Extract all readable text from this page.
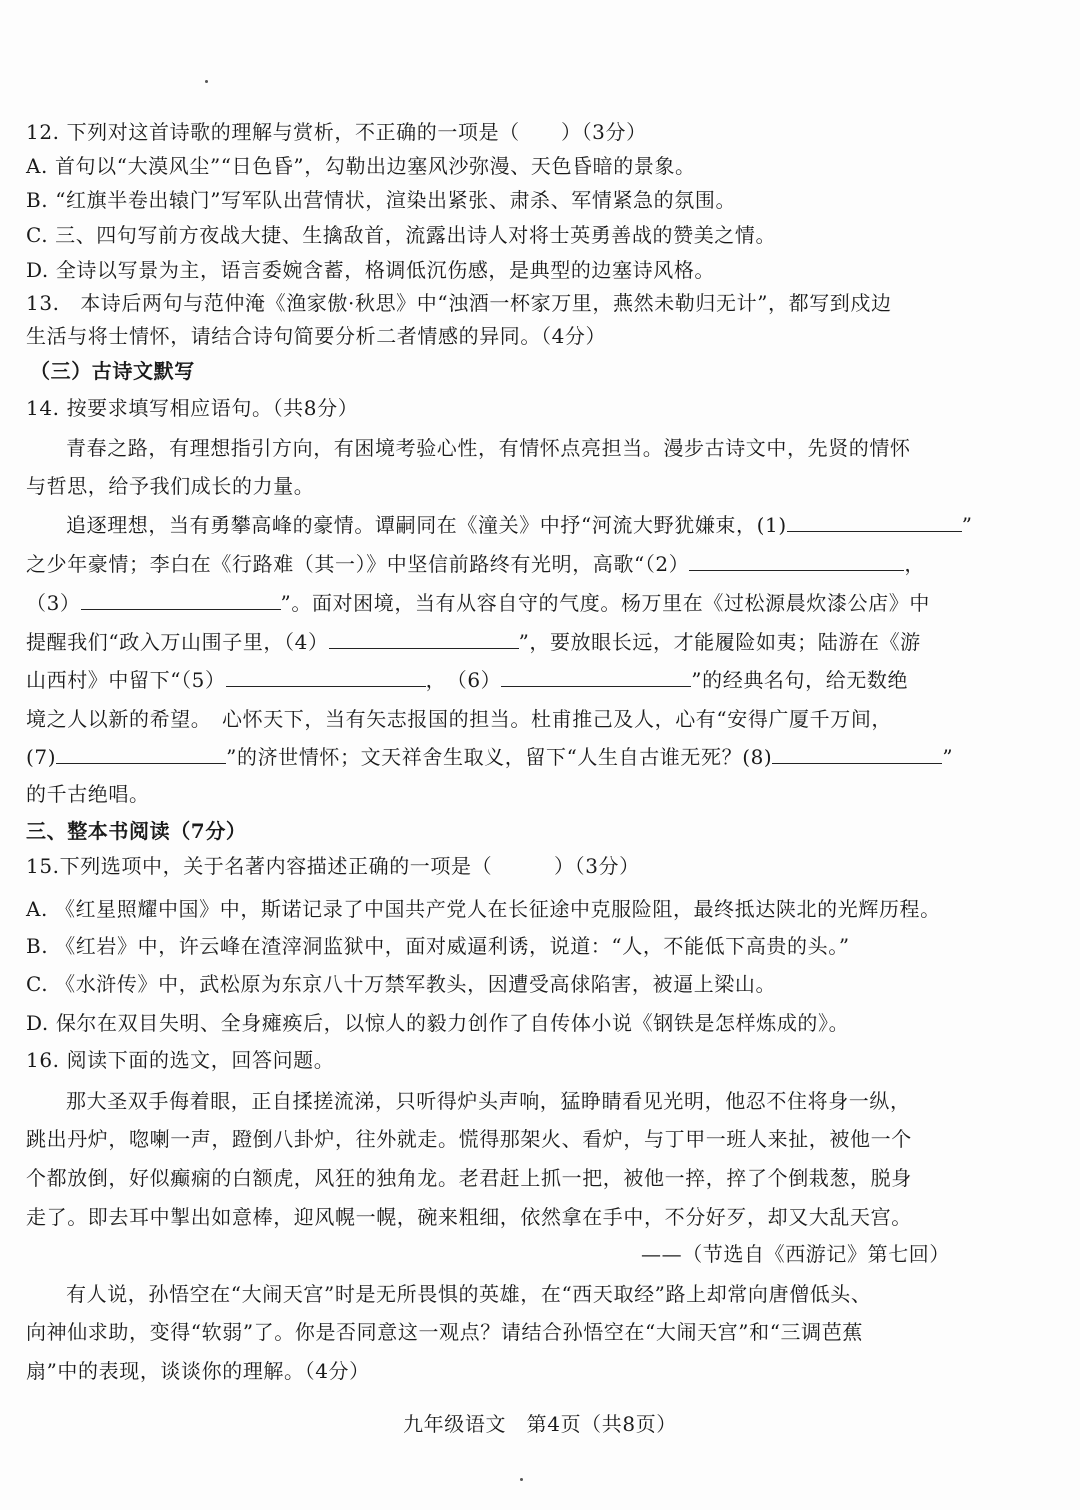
12. 下列对这首诗歌的理解与赏析，不正确的一项是（　　）（3分）
A. 首句以“大漠风尘”“日色昏”，勾勒出边塞风沙弥漫、天色昏暗的景象。
B. “红旗半卷出辕门”写军队出营情状，渲染出紧张、肃杀、军情紧急的氛围。
C. 三、四句写前方夜战大捷、生擒敌首，流露出诗人对将士英勇善战的赞美之情。
D. 全诗以写景为主，语言委婉含蓄，格调低沉伤感，是典型的边塞诗风格。
13.　本诗后两句与范仲淹《渔家傲·秋思》中“浊酒一杯家万里，燕然未勒归无计”，都写到戍边
生活与将士情怀，请结合诗句简要分析二者情感的异同。（4分）
（三）古诗文默写
14. 按要求填写相应语句。（共8分）
青春之路，有理想指引方向，有困境考验心性，有情怀点亮担当。漫步古诗文中，先贤的情怀
与哲思，给予我们成长的力量。
追逐理想，当有勇攀高峰的豪情。谭嗣同在《潼关》中抒“河流大野犹嫌束，(1)	”
之少年豪情；李白在《行路难（其一）》中坚信前路终有光明，高歌“（2）	，
（3）	”。面对困境，当有从容自守的气度。杨万里在《过松源晨炊漆公店》中
提醒我们“政入万山围子里，（4）	”，要放眼长远，才能履险如夷；陆游在《游
山西村》中留下“（5）	，　（6）	”的经典名句，给无数绝
境之人以新的希望。　心怀天下，当有矢志报国的担当。杜甫推己及人，心有“安得广厦千万间，
(7)	”的济世情怀；文天祥舍生取义，留下“人生自古谁无死？(8)	”
的千古绝唱。
三、整本书阅读（7分）
15.下列选项中，关于名著内容描述正确的一项是（　　　）（3分）
A. 《红星照耀中国》中，斯诺记录了中国共产党人在长征途中克服险阻，最终抵达陕北的光辉历程。
B. 《红岩》中，许云峰在渣滓洞监狱中，面对威逼利诱，说道：“人，不能低下高贵的头。”
C. 《水浒传》中，武松原为东京八十万禁军教头，因遭受高俅陷害，被逼上梁山。
D. 保尔在双目失明、全身瘫痪后，以惊人的毅力创作了自传体小说《钢铁是怎样炼成的》。
16. 阅读下面的选文，回答问题。
那大圣双手侮着眼，正自揉搓流涕，只听得炉头声响，猛睁睛看见光明，他忍不住将身一纵，
跳出丹炉，唿喇一声，蹬倒八卦炉，往外就走。慌得那架火、看炉，与丁甲一班人来扯，被他一个
个都放倒，好似癫痫的白额虎，风狂的独角龙。老君赶上抓一把，被他一捽，捽了个倒栽葱，脱身
走了。即去耳中掣出如意棒，迎风幌一幌，碗来粗细，依然拿在手中，不分好歹，却又大乱天宫。
——（节选自《西游记》第七回）
有人说，孙悟空在“大闹天宫”时是无所畏惧的英雄，在“西天取经”路上却常向唐僧低头、
向神仙求助，变得“软弱”了。你是否同意这一观点？请结合孙悟空在“大闹天宫”和“三调芭蕉
扇”中的表现，谈谈你的理解。（4分）
九年级语文　第4页（共8页）
